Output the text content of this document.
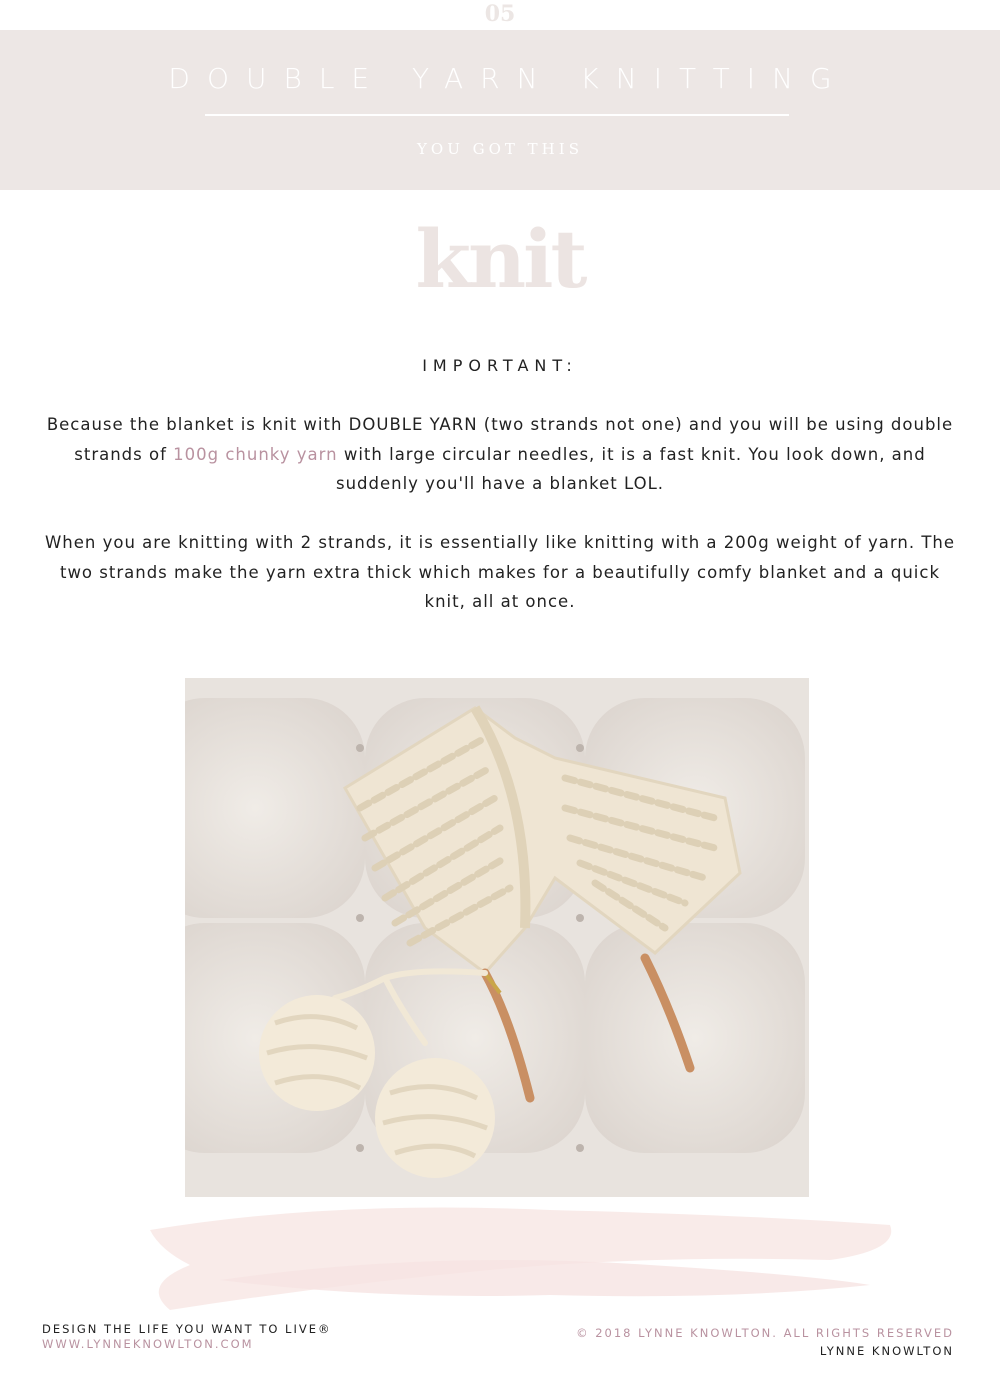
05
DOUBLE YARN KNITTING
YOU GOT THIS
knit
IMPORTANT:
Because the blanket is knit with DOUBLE YARN (two strands not one) and you will be using double strands of 100g chunky yarn with large circular needles, it is a fast knit. You look down, and suddenly you'll have a blanket LOL.
When you are knitting with 2 strands, it is essentially like knitting with a 200g weight of yarn. The two strands make the yarn extra thick which makes for a beautifully comfy blanket and a quick knit, all at once.
DESIGN THE LIFE YOU WANT TO LIVE®
WWW.LYNNEKNOWLTON.COM
© 2018 LYNNE KNOWLTON. ALL RIGHTS RESERVED
LYNNE KNOWLTON
